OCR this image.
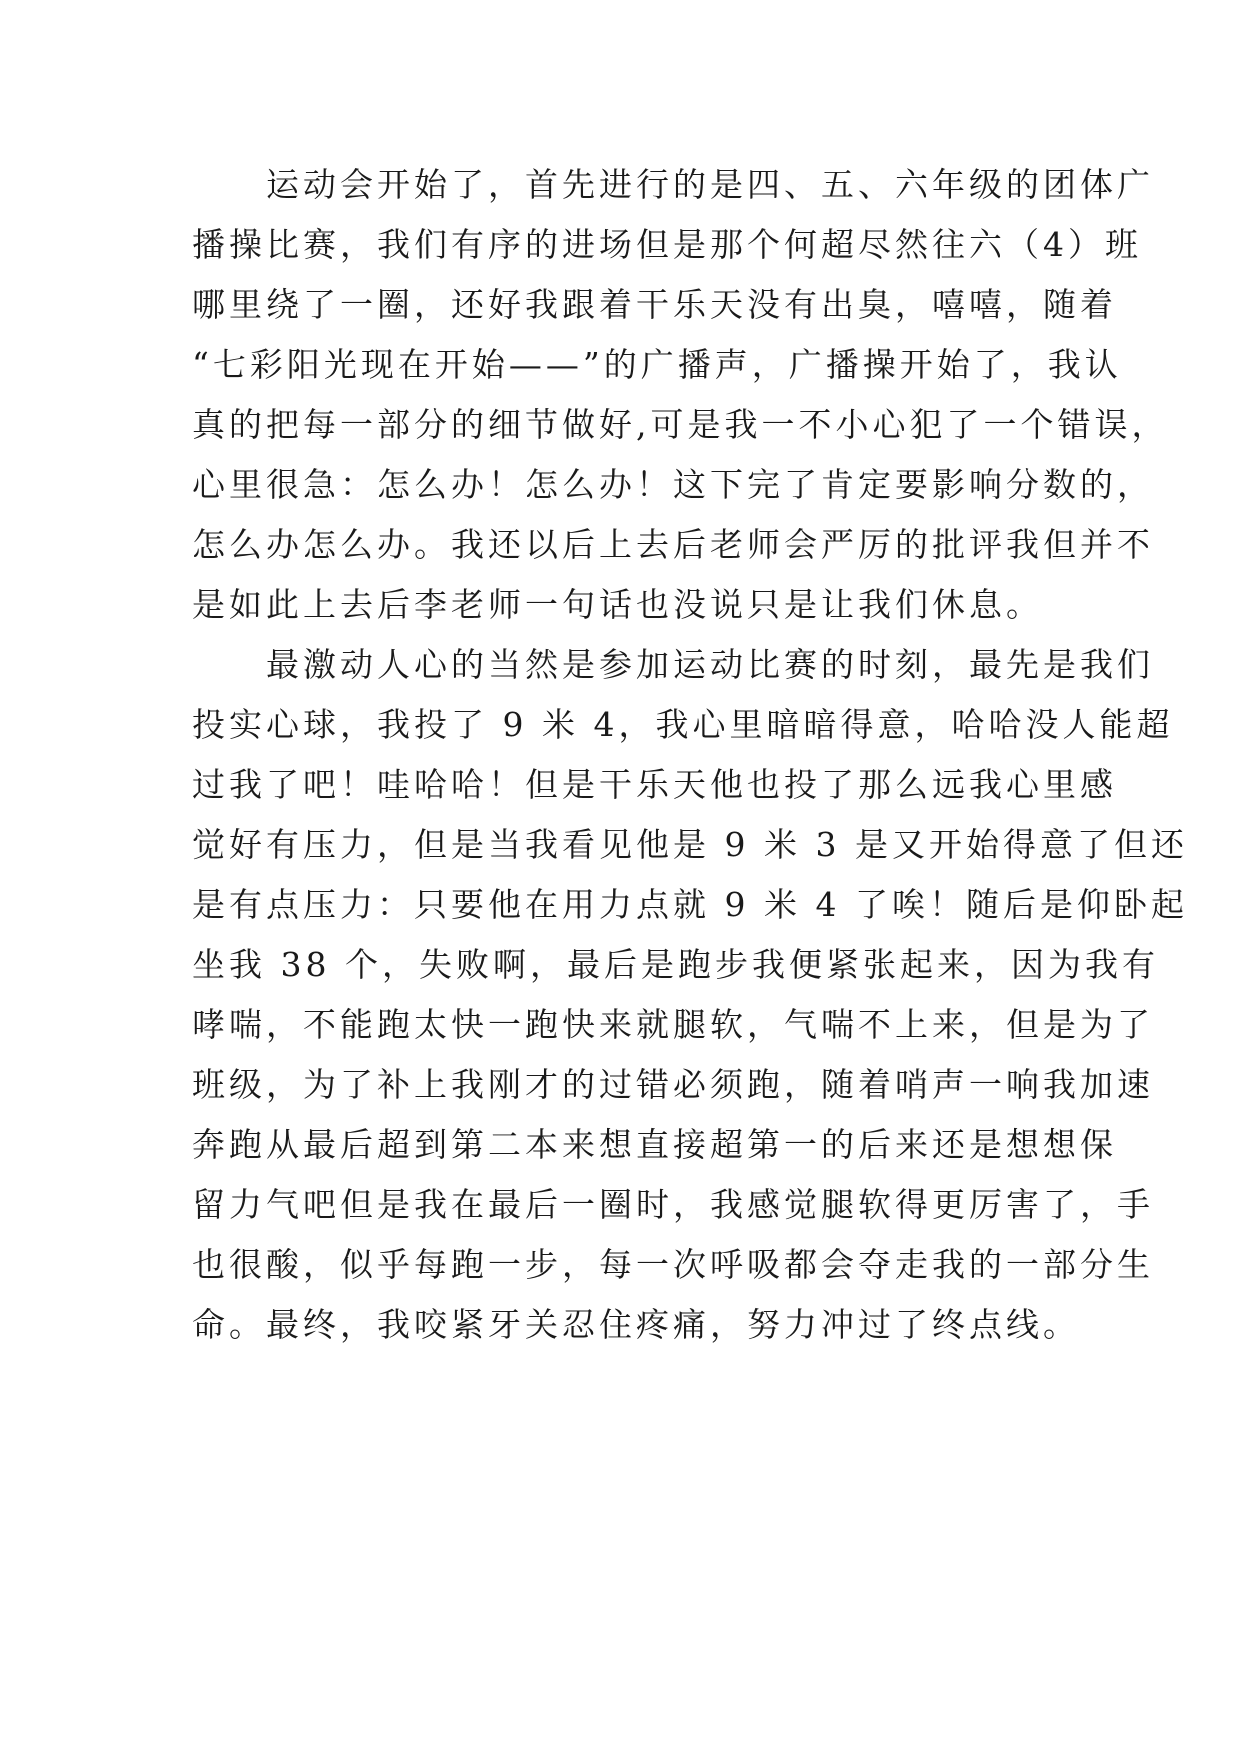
　　运动会开始了，首先进行的是四、五、六年级的团体广
播操比赛，我们有序的进场但是那个何超尽然往六（4）班
哪里绕了一圈，还好我跟着干乐天没有出臭，嘻嘻，随着
“七彩阳光现在开始——”的广播声，广播操开始了，我认
真的把每一部分的细节做好,可是我一不小心犯了一个错误，
心里很急：怎么办！怎么办！这下完了肯定要影响分数的，
怎么办怎么办。我还以后上去后老师会严厉的批评我但并不
是如此上去后李老师一句话也没说只是让我们休息。
　　最激动人心的当然是参加运动比赛的时刻，最先是我们
投实心球，我投了 9 米 4，我心里暗暗得意，哈哈没人能超
过我了吧！哇哈哈！但是干乐天他也投了那么远我心里感
觉好有压力，但是当我看见他是 9 米 3 是又开始得意了但还
是有点压力：只要他在用力点就 9 米 4 了唉！随后是仰卧起
坐我 38 个，失败啊，最后是跑步我便紧张起来，因为我有
哮喘，不能跑太快一跑快来就腿软，气喘不上来，但是为了
班级，为了补上我刚才的过错必须跑，随着哨声一响我加速
奔跑从最后超到第二本来想直接超第一的后来还是想想保
留力气吧但是我在最后一圈时，我感觉腿软得更厉害了，手
也很酸，似乎每跑一步，每一次呼吸都会夺走我的一部分生
命。最终，我咬紧牙关忍住疼痛，努力冲过了终点线。
